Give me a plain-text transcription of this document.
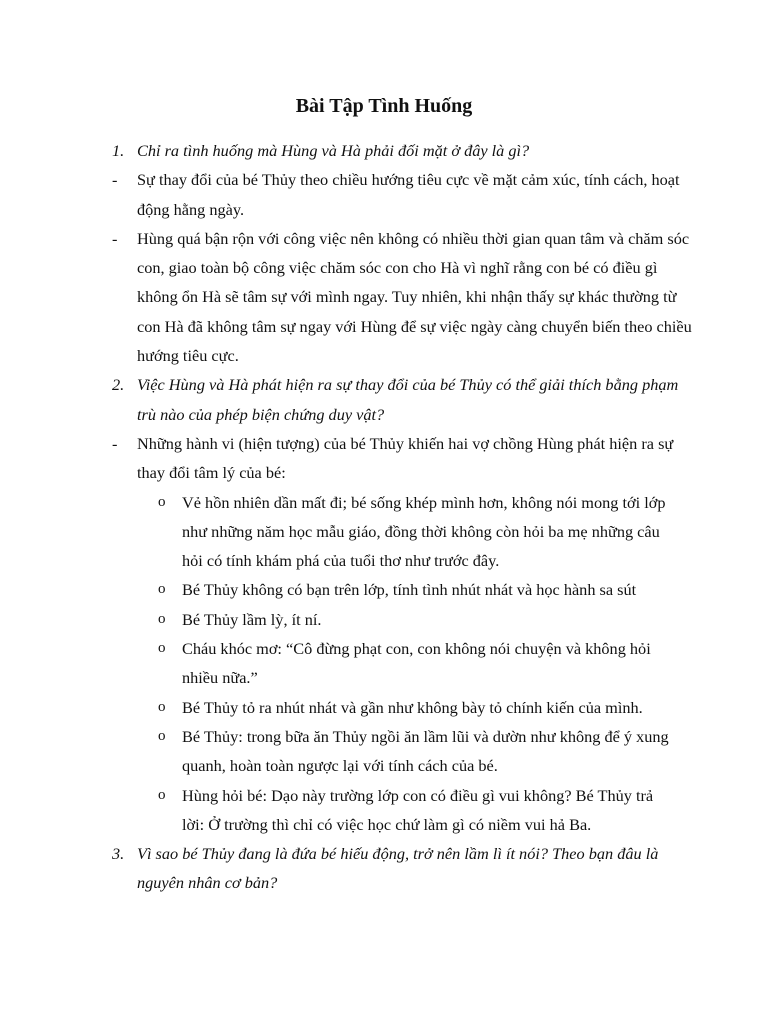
Bài Tập Tình Huống
1. Chỉ ra tình huống mà Hùng và Hà phải đối mặt ở đây là gì?
- Sự thay đổi của bé Thủy theo chiều hướng tiêu cực về mặt cảm xúc, tính cách, hoạt động hằng ngày.
- Hùng quá bận rộn với công việc nên không có nhiều thời gian quan tâm và chăm sóc con, giao toàn bộ công việc chăm sóc con cho Hà vì nghĩ rằng con bé có điều gì không ổn Hà sẽ tâm sự với mình ngay. Tuy nhiên, khi nhận thấy sự khác thường từ con Hà đã không tâm sự ngay với Hùng để sự việc ngày càng chuyển biến theo chiều hướng tiêu cực.
2. Việc Hùng và Hà phát hiện ra sự thay đổi của bé Thủy có thể giải thích bằng phạm trù nào của phép biện chứng duy vật?
- Những hành vi (hiện tượng) của bé Thủy khiến hai vợ chồng Hùng phát hiện ra sự thay đổi tâm lý của bé:
o Vẻ hồn nhiên dần mất đi; bé sống khép mình hơn, không nói mong tới lớp như những năm học mẫu giáo, đồng thời không còn hỏi ba mẹ những câu hỏi có tính khám phá của tuổi thơ như trước đây.
o Bé Thủy không có bạn trên lớp, tính tình nhút nhát và học hành sa sút
o Bé Thủy lầm lỳ, ít ní.
o Cháu khóc mơ: “Cô đừng phạt con, con không nói chuyện và không hỏi nhiều nữa.”
o Bé Thủy tỏ ra nhút nhát và gần như không bày tỏ chính kiến của mình.
o Bé Thủy: trong bữa ăn Thủy ngồi ăn lầm lũi và dườn như không để ý xung quanh, hoàn toàn ngược lại với tính cách của bé.
o Hùng hỏi bé: Dạo này trường lớp con có điều gì vui không? Bé Thủy trả lời: Ở trường thì chỉ có việc học chứ làm gì có niềm vui hả Ba.
3. Vì sao bé Thủy đang là đứa bé hiếu động, trở nên lầm lì ít nói? Theo bạn đâu là nguyên nhân cơ bản?
